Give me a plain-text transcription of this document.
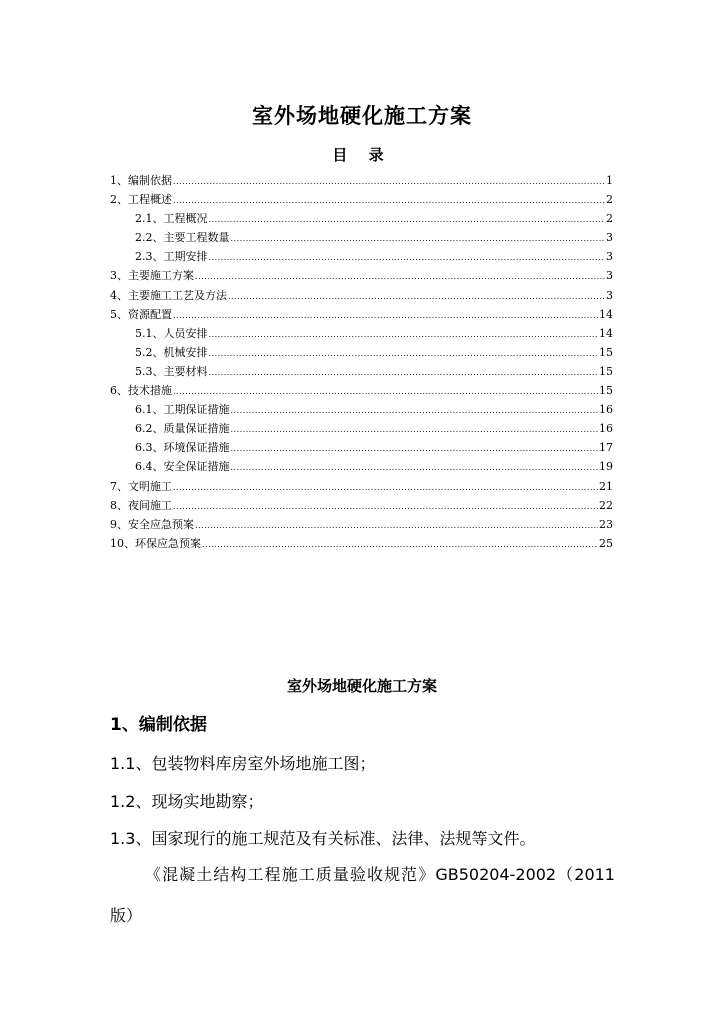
室外场地硬化施工方案
目 录
1、编制依据 .....	1
2、工程概述 .....	2
2.1、工程概况 .....	2
2.2、主要工程数量 .....	3
2.3、工期安排 .....	3
3、主要施工方案 .....	3
4、主要施工工艺及方法 .....	3
5、资源配置 .....	14
5.1、人员安排 .....	14
5.2、机械安排 .....	15
5.3、主要材料 .....	15
6、技术措施 .....	15
6.1、工期保证措施 .....	16
6.2、质量保证措施 .....	16
6.3、环境保证措施 .....	17
6.4、安全保证措施 .....	19
7、文明施工 .....	21
8、夜间施工 .....	22
9、安全应急预案 .....	23
10、环保应急预案 .....	25
室外场地硬化施工方案
1、编制依据
1.1、包装物料库房室外场地施工图；
1.2、现场实地勘察；
1.3、国家现行的施工规范及有关标准、法律、法规等文件。
《混凝土结构工程施工质量验收规范》GB50204-2002（2011
版）
